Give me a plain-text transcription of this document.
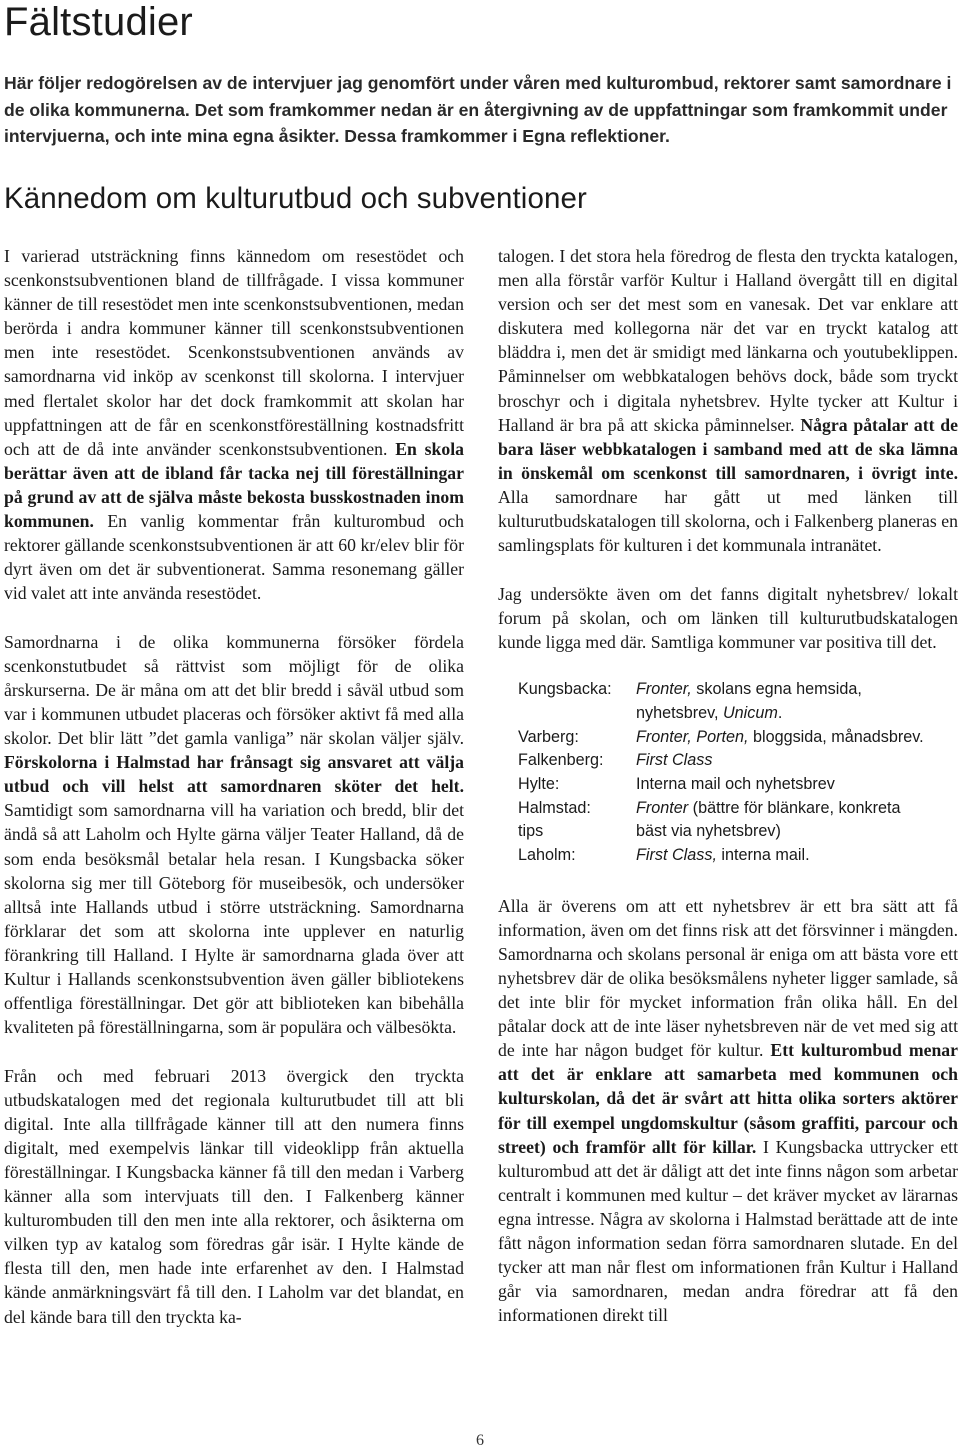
Fältstudier

Här följer redogörelsen av de intervjuer jag genomfört under våren med kulturombud, rektorer samt samordnare i de olika kommunerna. Det som framkommer nedan är en återgivning av de uppfattningar som framkommit under intervjuerna, och inte mina egna åsikter. Dessa framkommer i Egna reflektioner.

Kännedom om kulturutbud och subventioner

I varierad utsträckning finns kännedom om resestödet och scenkonstsubventionen bland de tillfrågade. I vissa kommuner känner de till resestödet men inte scenkonstsubventionen, medan berörda i andra kommuner känner till scenkonstsubventionen men inte resestödet. Scenkonstsubventionen används av samordnarna vid inköp av scenkonst till skolorna. I intervjuer med flertalet skolor har det dock framkommit att skolan har uppfattningen att de får en scenkonstföreställning kostnadsfritt och att de då inte använder scenkonstsubventionen. En skola berättar även att de ibland får tacka nej till föreställningar på grund av att de själva måste bekosta busskostnaden inom kommunen. En vanlig kommentar från kulturombud och rektorer gällande scenkonstsubventionen är att 60 kr/elev blir för dyrt även om det är subventionerat. Samma resonemang gäller vid valet att inte använda resestödet.

Samordnarna i de olika kommunerna försöker fördela scenkonstutbudet så rättvist som möjligt för de olika årskurserna. De är måna om att det blir bredd i såväl utbud som var i kommunen utbudet placeras och försöker aktivt få med alla skolor. Det blir lätt ”det gamla vanliga” när skolan väljer själv. Förskolorna i Halmstad har frånsagt sig ansvaret att välja utbud och vill helst att samordnaren sköter det helt. Samtidigt som samordnarna vill ha variation och bredd, blir det ändå så att Laholm och Hylte gärna väljer Teater Halland, då de som enda besöksmål betalar hela resan. I Kungsbacka söker skolorna sig mer till Göteborg för museibesök, och undersöker alltså inte Hallands utbud i större utsträckning. Samordnarna förklarar det som att skolorna inte upplever en naturlig förankring till Halland. I Hylte är samordnarna glada över att Kultur i Hallands scenkonstsubvention även gäller bibliotekens offentliga föreställningar. Det gör att biblioteken kan bibehålla kvaliteten på föreställningarna, som är populära och välbesökta.

Från och med februari 2013 övergick den tryckta utbudskatalogen med det regionala kulturutbudet till att bli digital. Inte alla tillfrågade känner till att den numera finns digitalt, med exempelvis länkar till videoklipp från aktuella föreställningar. I Kungsbacka känner få till den medan i Varberg känner alla som intervjuats till den. I Falkenberg känner kulturombuden till den men inte alla rektorer, och åsikterna om vilken typ av katalog som föredras går isär. I Hylte kände de flesta till den, men hade inte erfarenhet av den. I Halmstad kände anmärkningsvärt få till den. I Laholm var det blandat, en del kände bara till den tryckta ka-

talogen. I det stora hela föredrog de flesta den tryckta katalogen, men alla förstår varför Kultur i Halland övergått till en digital version och ser det mest som en vanesak. Det var enklare att diskutera med kollegorna när det var en tryckt katalog att bläddra i, men det är smidigt med länkarna och youtubeklippen. Påminnelser om webbkatalogen behövs dock, både som tryckt broschyr och i digitala nyhetsbrev. Hylte tycker att Kultur i Halland är bra på att skicka påminnelser. Några påtalar att de bara läser webbkatalogen i samband med att de ska lämna in önskemål om scenkonst till samordnaren, i övrigt inte. Alla samordnare har gått ut med länken till kulturutbudskatalogen till skolorna, och i Falkenberg planeras en samlingsplats för kulturen i det kommunala intranätet.

Jag undersökte även om det fanns digitalt nyhetsbrev/ lokalt forum på skolan, och om länken till kulturutbudskatalogen kunde ligga med där. Samtliga kommuner var positiva till det.

Kungsbacka:	Fronter, skolans egna hemsida,
	nyhetsbrev, Unicum.
Varberg:	Fronter, Porten, bloggsida, månadsbrev.
Falkenberg:	First Class
Hylte:	Interna mail och nyhetsbrev
Halmstad:	Fronter (bättre för blänkare, konkreta
tips	bäst via nyhetsbrev)
Laholm:	First Class, interna mail.

Alla är överens om att ett nyhetsbrev är ett bra sätt att få information, även om det finns risk att det försvinner i mängden. Samordnarna och skolans personal är eniga om att bästa vore ett nyhetsbrev där de olika besöksmålens nyheter ligger samlade, så det inte blir för mycket information från olika håll. En del påtalar dock att de inte läser nyhetsbreven när de vet med sig att de inte har någon budget för kultur. Ett kulturombud menar att det är enklare att samarbeta med kommunen och kulturskolan, då det är svårt att hitta olika sorters aktörer för till exempel ungdomskultur (såsom graffiti, parcour och street) och framför allt för killar. I Kungsbacka uttrycker ett kulturombud att det är dåligt att det inte finns någon som arbetar centralt i kommunen med kultur – det kräver mycket av lärarnas egna intresse. Några av skolorna i Halmstad berättade att de inte fått någon information sedan förra samordnaren slutade. En del tycker att man når flest om informationen från Kultur i Halland går via samordnaren, medan andra föredrar att få den informationen direkt till

6
